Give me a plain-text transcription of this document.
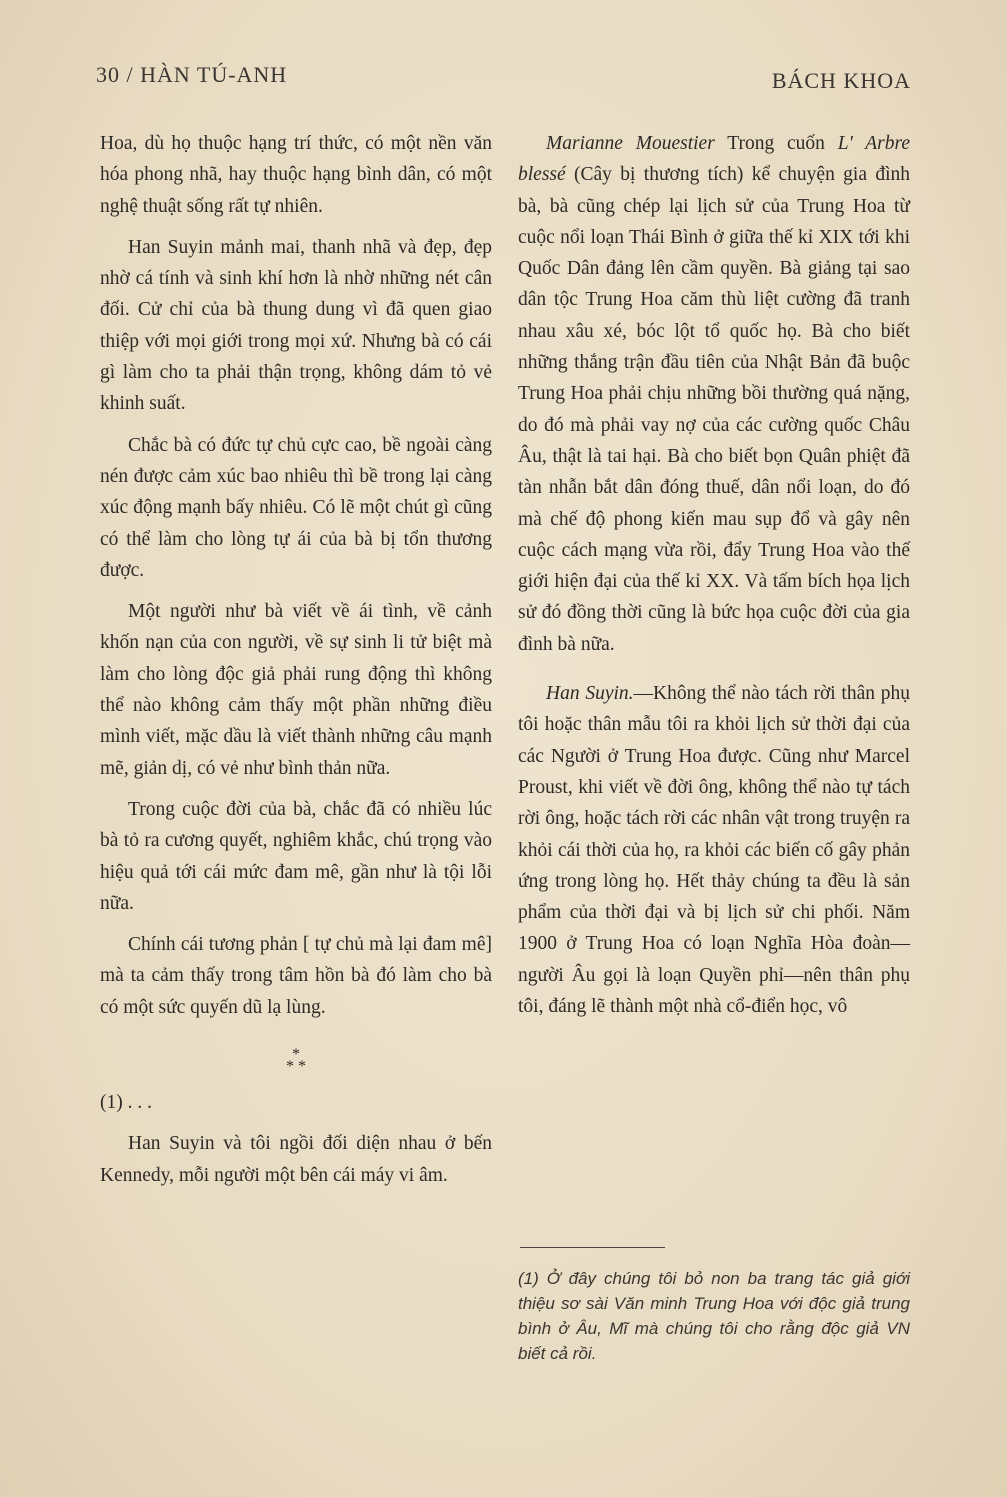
30 / HÀN TÚ-ANH	BÁCH KHOA

Hoa, dù họ thuộc hạng trí thức, có một nền văn hóa phong nhã, hay thuộc hạng bình dân, có một nghệ thuật sống rất tự nhiên.

Han Suyin mảnh mai, thanh nhã và đẹp, đẹp nhờ cá tính và sinh khí hơn là nhờ những nét cân đối. Cử chỉ của bà thung dung vì đã quen giao thiệp với mọi giới trong mọi xứ. Nhưng bà có cái gì làm cho ta phải thận trọng, không dám tỏ vẻ khinh suất.

Chắc bà có đức tự chủ cực cao, bề ngoài càng nén được cảm xúc bao nhiêu thì bề trong lại càng xúc động mạnh bấy nhiêu. Có lẽ một chút gì cũng có thể làm cho lòng tự ái của bà bị tổn thương được.

Một người như bà viết về ái tình, về cảnh khốn nạn của con người, về sự sinh li tử biệt mà làm cho lòng độc giả phải rung động thì không thể nào không cảm thấy một phần những điều mình viết, mặc dầu là viết thành những câu mạnh mẽ, giản dị, có vẻ như bình thản nữa.

Trong cuộc đời của bà, chắc đã có nhiều lúc bà tỏ ra cương quyết, nghiêm khắc, chú trọng vào hiệu quả tới cái mức đam mê, gần như là tội lỗi nữa.

Chính cái tương phản [ tự chủ mà lại đam mê] mà ta cảm thấy trong tâm hồn bà đó làm cho bà có một sức quyến dũ lạ lùng.

*
* *

(1) . . .

Han Suyin và tôi ngồi đối diện nhau ở bến Kennedy, mỗi người một bên cái máy vi âm.

Marianne Mouestier Trong cuốn L' Arbre blessé (Cây bị thương tích) kể chuyện gia đình bà, bà cũng chép lại lịch sử của Trung Hoa từ cuộc nổi loạn Thái Bình ở giữa thế kỉ XIX tới khi Quốc Dân đảng lên cầm quyền. Bà giảng tại sao dân tộc Trung Hoa căm thù liệt cường đã tranh nhau xâu xé, bóc lột tổ quốc họ. Bà cho biết những thắng trận đầu tiên của Nhật Bản đã buộc Trung Hoa phải chịu những bồi thường quá nặng, do đó mà phải vay nợ của các cường quốc Châu Âu, thật là tai hại. Bà cho biết bọn Quân phiệt đã tàn nhẫn bắt dân đóng thuế, dân nổi loạn, do đó mà chế độ phong kiến mau sụp đổ và gây nên cuộc cách mạng vừa rồi, đẩy Trung Hoa vào thế giới hiện đại của thế kỉ XX. Và tấm bích họa lịch sử đó đồng thời cũng là bức họa cuộc đời của gia đình bà nữa.

Han Suyin.—Không thể nào tách rời thân phụ tôi hoặc thân mẫu tôi ra khỏi lịch sử thời đại của các Người ở Trung Hoa được. Cũng như Marcel Proust, khi viết về đời ông, không thể nào tự tách rời ông, hoặc tách rời các nhân vật trong truyện ra khỏi cái thời của họ, ra khỏi các biến cố gây phản ứng trong lòng họ. Hết thảy chúng ta đều là sản phẩm của thời đại và bị lịch sử chi phối. Năm 1900 ở Trung Hoa có loạn Nghĩa Hòa đoàn—người Âu gọi là loạn Quyền phỉ—nên thân phụ tôi, đáng lẽ thành một nhà cổ-điển học, vô

(1) Ở đây chúng tôi bỏ non ba trang tác giả giới thiệu sơ sài Văn minh Trung Hoa với độc giả trung bình ở Âu, Mĩ mà chúng tôi cho rằng độc giả VN biết cả rồi.
